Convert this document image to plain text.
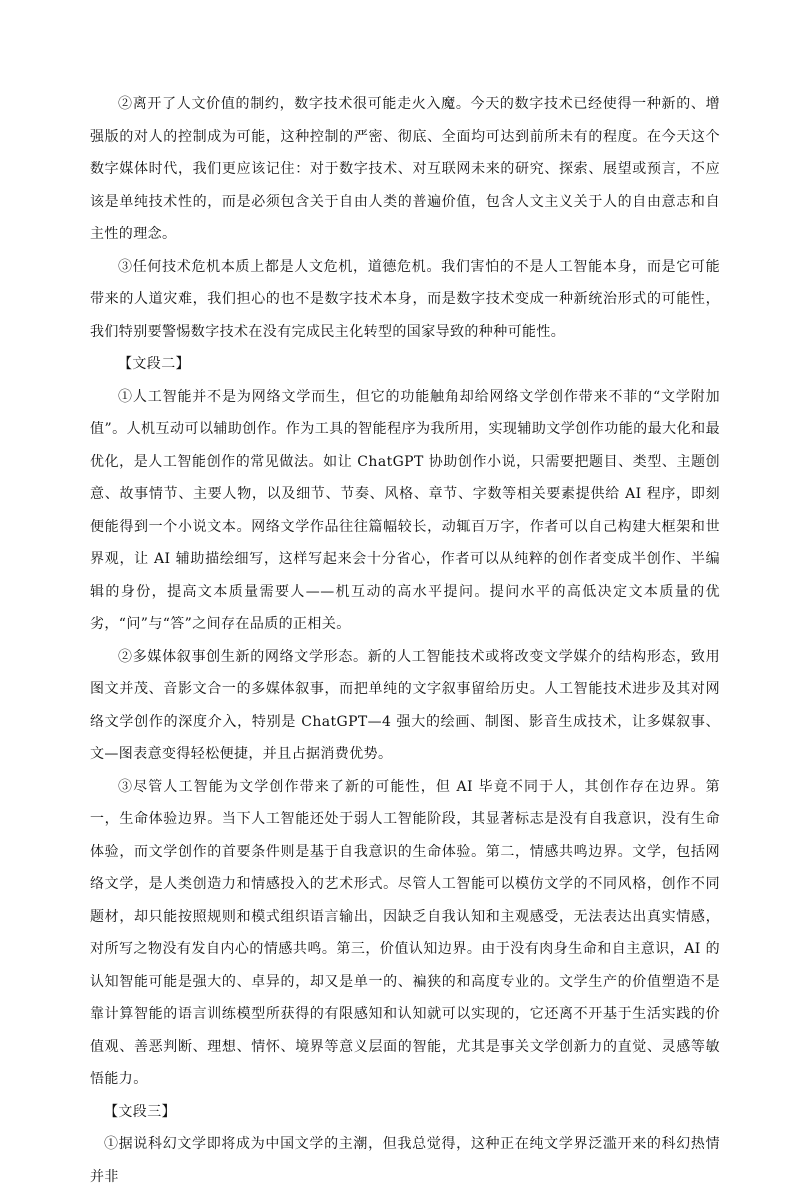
②离开了人文价值的制约，数字技术很可能走火入魔。今天的数字技术已经使得一种新的、增强版的对人的控制成为可能，这种控制的严密、彻底、全面均可达到前所未有的程度。在今天这个数字媒体时代，我们更应该记住：对于数字技术、对互联网未来的研究、探索、展望或预言，不应该是单纯技术性的，而是必须包含关于自由人类的普遍价值，包含人文主义关于人的自由意志和自主性的理念。

③任何技术危机本质上都是人文危机，道德危机。我们害怕的不是人工智能本身，而是它可能带来的人道灾难，我们担心的也不是数字技术本身，而是数字技术变成一种新统治形式的可能性，我们特别要警惕数字技术在没有完成民主化转型的国家导致的种种可能性。

【文段二】

①人工智能并不是为网络文学而生，但它的功能触角却给网络文学创作带来不菲的“文学附加值”。人机互动可以辅助创作。作为工具的智能程序为我所用，实现辅助文学创作功能的最大化和最优化，是人工智能创作的常见做法。如让 ChatGPT 协助创作小说，只需要把题目、类型、主题创意、故事情节、主要人物，以及细节、节奏、风格、章节、字数等相关要素提供给 AI 程序，即刻便能得到一个小说文本。网络文学作品往往篇幅较长，动辄百万字，作者可以自己构建大框架和世界观，让 AI 辅助描绘细写，这样写起来会十分省心，作者可以从纯粹的创作者变成半创作、半编辑的身份，提高文本质量需要人——机互动的高水平提问。提问水平的高低决定文本质量的优劣，“问”与“答”之间存在品质的正相关。

②多媒体叙事创生新的网络文学形态。新的人工智能技术或将改变文学媒介的结构形态，致用图文并茂、音影文合一的多媒体叙事，而把单纯的文字叙事留给历史。人工智能技术进步及其对网络文学创作的深度介入，特别是 ChatGPT—4 强大的绘画、制图、影音生成技术，让多媒叙事、文—图表意变得轻松便捷，并且占据消费优势。

③尽管人工智能为文学创作带来了新的可能性，但 AI 毕竟不同于人，其创作存在边界。第一，生命体验边界。当下人工智能还处于弱人工智能阶段，其显著标志是没有自我意识，没有生命体验，而文学创作的首要条件则是基于自我意识的生命体验。第二，情感共鸣边界。文学，包括网络文学，是人类创造力和情感投入的艺术形式。尽管人工智能可以模仿文学的不同风格，创作不同题材，却只能按照规则和模式组织语言输出，因缺乏自我认知和主观感受，无法表达出真实情感，对所写之物没有发自内心的情感共鸣。第三，价值认知边界。由于没有肉身生命和自主意识，AI 的认知智能可能是强大的、卓异的，却又是单一的、褊狭的和高度专业的。文学生产的价值塑造不是靠计算智能的语言训练模型所获得的有限感知和认知就可以实现的，它还离不开基于生活实践的价值观、善恶判断、理想、情怀、境界等意义层面的智能，尤其是事关文学创新力的直觉、灵感等敏悟能力。

【文段三】

①据说科幻文学即将成为中国文学的主潮，但我总觉得，这种正在纯文学界泛滥开来的科幻热情并非
